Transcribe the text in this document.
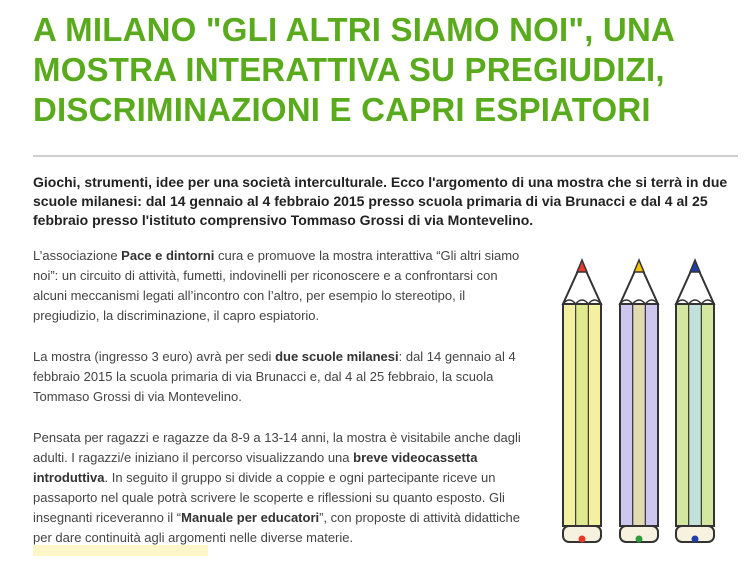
A MILANO "GLI ALTRI SIAMO NOI", UNA
MOSTRA INTERATTIVA SU PREGIUDIZI,
DISCRIMINAZIONI E CAPRI ESPIATORI

Giochi, strumenti, idee per una società interculturale. Ecco l'argomento di una mostra che si terrà in due scuole milanesi: dal 14 gennaio al 4 febbraio 2015 presso scuola primaria di via Brunacci e dal 4 al 25 febbraio presso l'istituto comprensivo Tommaso Grossi di via Montevelino.

L’associazione Pace e dintorni cura e promuove la mostra interattiva “Gli altri siamo noi”: un circuito di attività, fumetti, indovinelli per riconoscere e a confrontarsi con alcuni meccanismi legati all’incontro con l’altro, per esempio lo stereotipo, il pregiudizio, la discriminazione, il capro espiatorio.

La mostra (ingresso 3 euro) avrà per sedi due scuole milanesi: dal 14 gennaio al 4 febbraio 2015 la scuola primaria di via Brunacci e, dal 4 al 25 febbraio, la scuola Tommaso Grossi di via Montevelino.

Pensata per ragazzi e ragazze da 8-9 a 13-14 anni, la mostra è visitabile anche dagli adulti. I ragazzi/e iniziano il percorso visualizzando una breve videocassetta introduttiva. In seguito il gruppo si divide a coppie e ogni partecipante riceve un passaporto nel quale potrà scrivere le scoperte e riflessioni su quanto esposto. Gli insegnanti riceveranno il “Manuale per educatori”, con proposte di attività didattiche per dare continuità agli argomenti nelle diverse materie.
